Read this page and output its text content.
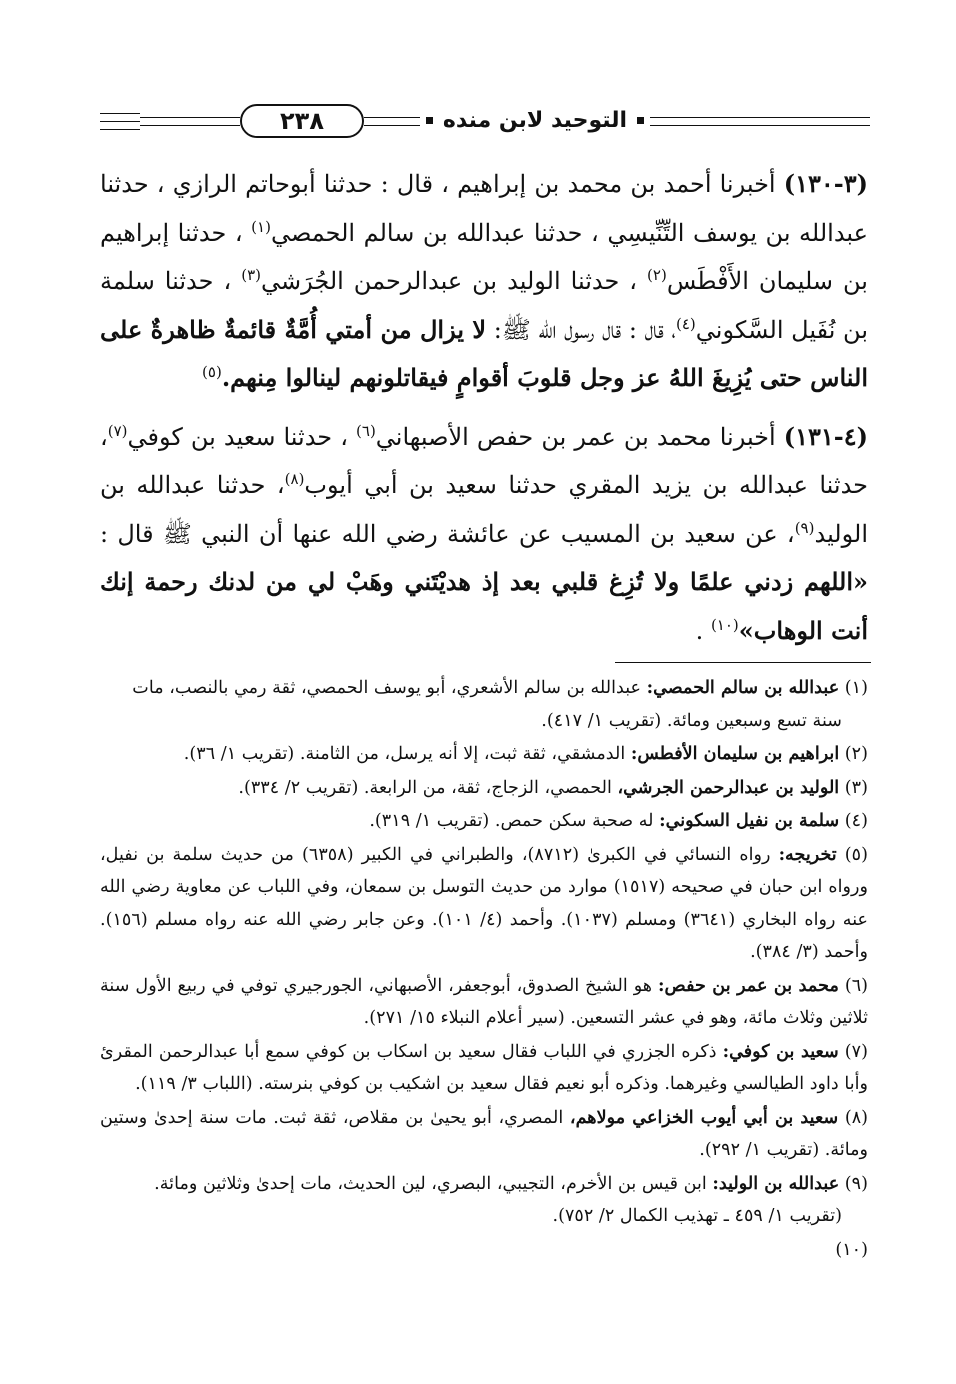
٢٣٨	التوحيد لابن منده

(٣-١٣٠) أخبرنا أحمد بن محمد بن إبراهيم ، قال : حدثنا أبوحاتم الرازي ، حدثنا عبدالله بن يوسف التِّنِّيسِي ، حدثنا عبدالله بن سالم الحمصي$^{(١)}$ ، حدثنا إبراهيم بن سليمان الأَفْطَس$^{(٢)}$ ، حدثنا الوليد بن عبدالرحمن الجُرَشي$^{(٣)}$ ، حدثنا سلمة بن نُفَيل السَّكوني$^{(٤)}$، قال : قال رسول الله ﷺ: لا يزال من أمتي أُمَّةٌ قائمةٌ ظاهرةٌ على الناس حتى يُزِيغَ اللهُ عز وجل قلوبَ أقوامٍ فيقاتلونهم لينالوا مِنهم.$^{(٥)}$

(٤-١٣١) أخبرنا محمد بن عمر بن حفص الأصبهاني$^{(٦)}$ ، حدثنا سعيد بن كوفي$^{(٧)}$، حدثنا عبدالله بن يزيد المقري حدثنا سعيد بن أبي أيوب$^{(٨)}$، حدثنا عبدالله بن الوليد$^{(٩)}$، عن سعيد بن المسيب عن عائشة رضي الله عنها أن النبي ﷺ قال : «اللهم زدني علمًا ولا تُزِغ قلبي بعد إذ هديْتَني وهَبْ لي من لدنك رحمة إنك أنت الوهاب»$^{(١٠)}$ .

(١) عبدالله بن سالم الحمصي: عبدالله بن سالم الأشعري، أبو يوسف الحمصي، ثقة رمي بالنصب، مات
سنة تسع وسبعين ومائة. (تقريب ١/ ٤١٧).
(٢) ابراهيم بن سليمان الأفطس: الدمشقي، ثقة ثبت، إلا أنه يرسل، من الثامنة. (تقريب ١/ ٣٦).
(٣) الوليد بن عبدالرحمن الجرشي، الحمصي، الزجاج، ثقة، من الرابعة. (تقريب ٢/ ٣٣٤).
(٤) سلمة بن نفيل السكوني: له صحبة سكن حمص. (تقريب ١/ ٣١٩).
(٥) تخريجه: رواه النسائي في الكبرىٰ (٨٧١٢)، والطبراني في الكبير (٦٣٥٨) من حديث سلمة بن نفيل، ورواه ابن حبان في صحيحه (١٥١٧) موارد من حديث التوسل بن سمعان، وفي اللباب عن معاوية رضي الله عنه رواه البخاري (٣٦٤١) ومسلم (١٠٣٧). وأحمد (٤/ ١٠١). وعن جابر رضي الله عنه رواه مسلم (١٥٦). وأحمد (٣/ ٣٨٤).
(٦) محمد بن عمر بن حفص: هو الشيخ الصدوق، أبوجعفر، الأصبهاني، الجورجيري توفي في ربيع الأول سنة ثلاثين وثلاث مائة، وهو في عشر التسعين. (سير أعلام النبلاء ١٥/ ٢٧١).
(٧) سعيد بن كوفي: ذكره الجزري في اللباب فقال سعيد بن اسكاب بن كوفي سمع أبا عبدالرحمن المقرئ وأبا داود الطيالسي وغيرهما. وذكره أبو نعيم فقال سعيد بن اشكيب بن كوفي بنرسته. (اللباب ٣/ ١١٩).
(٨) سعيد بن أبي أيوب الخزاعي مولاهم، المصري، أبو يحيىٰ بن مقلاص، ثقة ثبت. مات سنة إحدىٰ وستين ومائة. (تقريب ١/ ٢٩٢).
(٩) عبدالله بن الوليد: ابن قيس بن الأخرم، التجيبي، البصري، لين الحديث، مات إحدىٰ وثلاثين ومائة.
(تقريب ١/ ٤٥٩ ـ تهذيب الكمال ٢/ ٧٥٢).
(١٠)
